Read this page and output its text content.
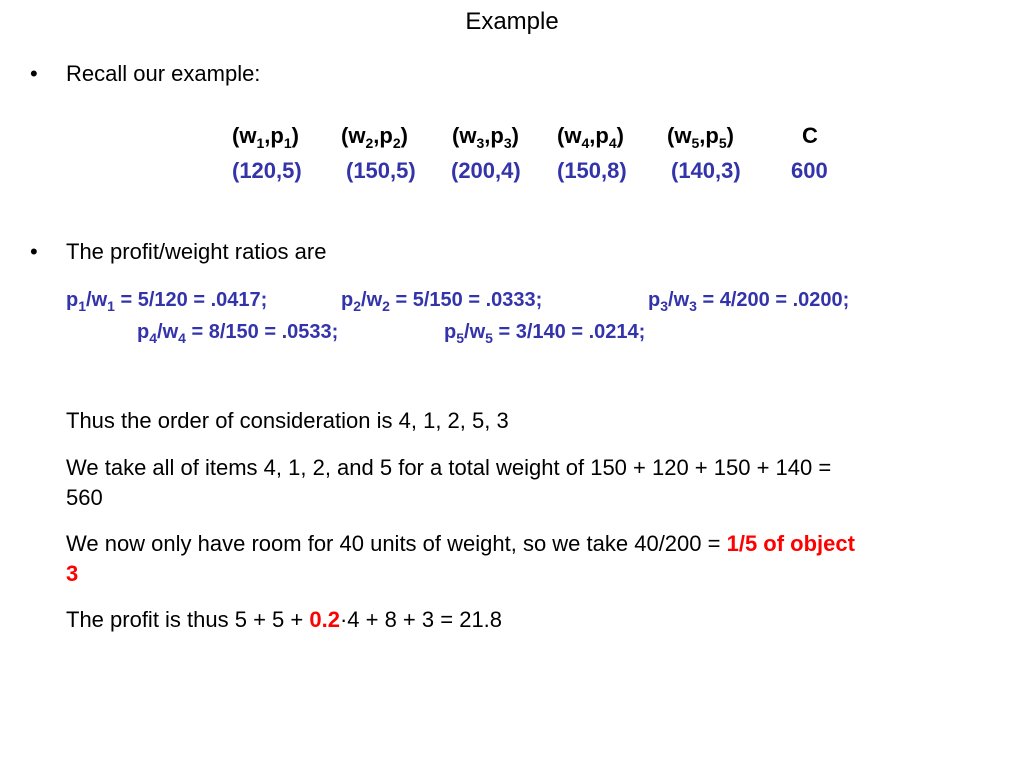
Example
• Recall our example:
$(w_1,p_1)$ $(w_2,p_2)$ $(w_3,p_3)$ $(w_4,p_4)$ $(w_5,p_5)$	C
(120,5) (150,5) (200,4) (150,8) (140,3) 600
• The profit/weight ratios are
$p_1/w_1 = 5/120 = .0417$;	$p_2/w_2 = 5/150 = .0333$;	$p_3/w_3 = 4/200 = .0200$;
$p_4/w_4 = 8/150 = .0533$;	$p_5/w_5 = 3/140 = .0214$;
Thus the order of consideration is 4, 1, 2, 5, 3
We take all of items 4, 1, 2, and 5 for a total weight of 150 + 120 + 150 + 140 =
560
We now only have room for 40 units of weight, so we take 40/200 = 1/5 of object
3
The profit is thus 5 + 5 + 0.2·4 + 8 + 3 = 21.8
